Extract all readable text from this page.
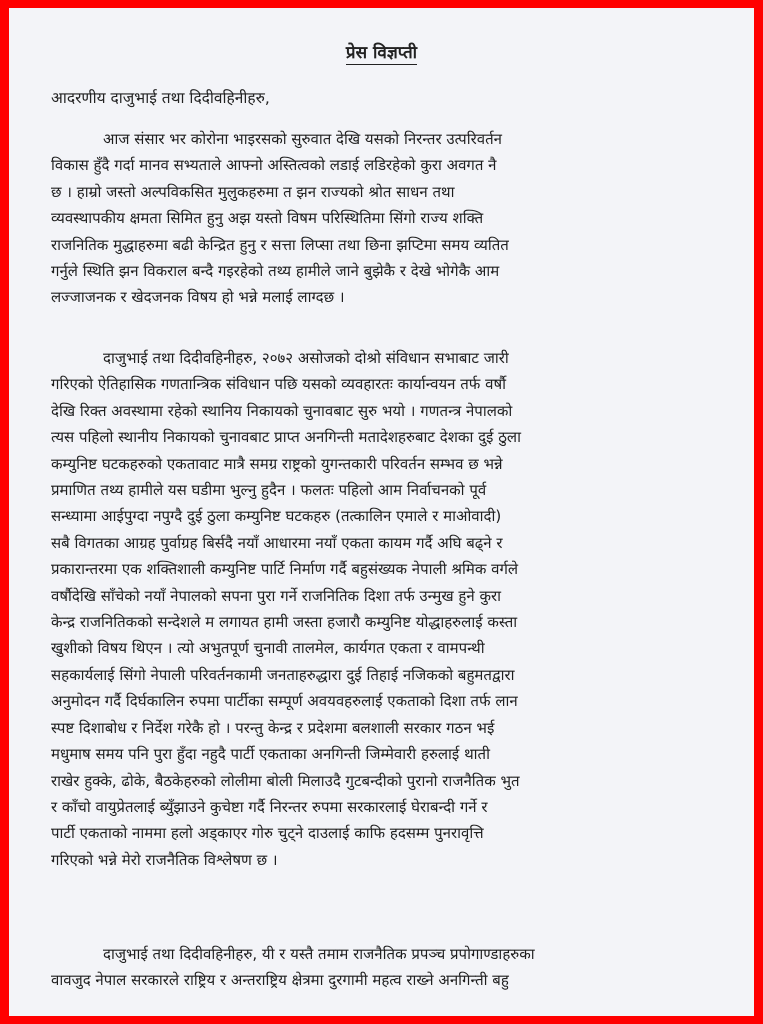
प्रेस विज्ञप्ती
आदरणीय दाजुभाई तथा दिदीवहिनीहरु,
आज संसार भर कोरोना भाइरसको सुरुवात देखि यसको निरन्तर उत्परिवर्तन
विकास हुँदै गर्दा मानव सभ्यताले आफ्नो अस्तित्वको लडाई लडिरहेको कुरा अवगत नै
छ । हाम्रो जस्तो अल्पविकसित मुलुकहरुमा त झन राज्यको श्रोत साधन तथा
व्यवस्थापकीय क्षमता सिमित हुनु अझ यस्तो विषम परिस्थितिमा सिंगो राज्य शक्ति
राजनितिक मुद्धाहरुमा बढी केन्द्रित हुनु र सत्ता लिप्सा तथा छिना झप्टिमा समय व्यतित
गर्नुले स्थिति झन विकराल बन्दै गइरहेको तथ्य हामीले जाने बुझेकै र देखे भोगेकै आम
लज्जाजनक र खेदजनक विषय हो भन्ने मलाई लाग्दछ ।
दाजुभाई तथा दिदीवहिनीहरु, २०७२ असोजको दोश्रो संविधान सभाबाट जारी
गरिएको ऐतिहासिक गणतान्त्रिक संविधान पछि यसको व्यवहारतः कार्यान्वयन तर्फ वर्षौ
देखि रिक्त अवस्थामा रहेको स्थानिय निकायको चुनावबाट सुरु भयो । गणतन्त्र नेपालको
त्यस पहिलो स्थानीय निकायको चुनावबाट प्राप्त अनगिन्ती मतादेशहरुबाट देशका दुई ठुला
कम्युनिष्ट घटकहरुको एकतावाट मात्रै समग्र राष्ट्रको युगन्तकारी परिवर्तन सम्भव छ भन्ने
प्रमाणित तथ्य हामीले यस घडीमा भुल्नु हुदैन । फलतः पहिलो आम निर्वाचनको पूर्व
सन्ध्यामा आईपुग्दा नपुग्दै दुई ठुला कम्युनिष्ट घटकहरु (तत्कालिन एमाले र माओवादी)
सबै विगतका आग्रह पुर्वाग्रह बिर्सदै नयाँ आधारमा नयाँ एकता कायम गर्दै अघि बढ्ने र
प्रकारान्तरमा एक शक्तिशाली कम्युनिष्ट पार्टि निर्माण गर्दै बहुसंख्यक नेपाली श्रमिक वर्गले
वर्षौदेखि साँचेको नयाँ नेपालको सपना पुरा गर्ने राजनितिक दिशा तर्फ उन्मुख हुने कुरा
केन्द्र राजनितिकको सन्देशले म लगायत हामी जस्ता हजारौ कम्युनिष्ट योद्धाहरुलाई कस्ता
खुशीको विषय थिएन । त्यो अभुतपूर्ण चुनावी तालमेल, कार्यगत एकता र वामपन्थी
सहकार्यलाई सिंगो नेपाली परिवर्तनकामी जनताहरुद्धारा दुई तिहाई नजिकको बहुमतद्वारा
अनुमोदन गर्दै दिर्घकालिन रुपमा पार्टीका सम्पूर्ण अवयवहरुलाई एकताको दिशा तर्फ लान
स्पष्ट दिशाबोध र निर्देश गरेकै हो । परन्तु केन्द्र र प्रदेशमा बलशाली सरकार गठन भई
मधुमाष समय पनि पुरा हुँदा नहुदै पार्टी एकताका अनगिन्ती जिम्मेवारी हरुलाई थाती
राखेर हुक्के, ढोके, बैठकेहरुको लोलीमा बोली मिलाउदै गुटबन्दीको पुरानो राजनैतिक भुत
र काँचो वायुप्रेतलाई ब्युँझाउने कुचेष्टा गर्दै निरन्तर रुपमा सरकारलाई घेराबन्दी गर्ने र
पार्टी एकताको नाममा हलो अड्काएर गोरु चुट्ने दाउलाई काफि हदसम्म पुनरावृत्ति
गरिएको भन्ने मेरो राजनैतिक विश्लेषण छ ।
दाजुभाई तथा दिदीवहिनीहरु, यी र यस्तै तमाम राजनैतिक प्रपञ्च प्रपोगाण्डाहरुका
वावजुद नेपाल सरकारले राष्ट्रिय र अन्तराष्ट्रिय क्षेत्रमा दुरगामी महत्व राख्ने अनगिन्ती बहु
